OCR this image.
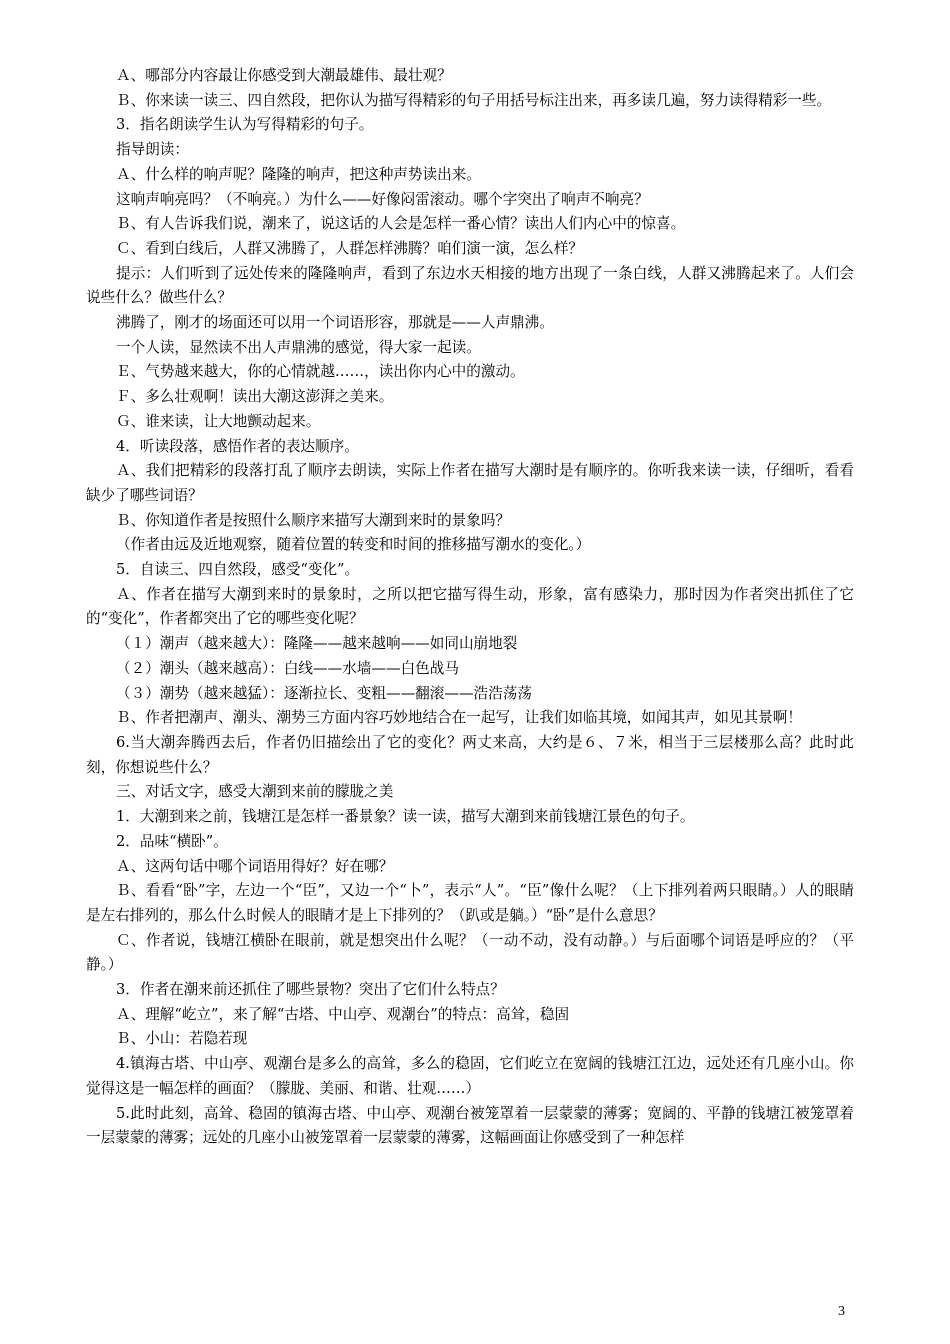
Ａ、哪部分内容最让你感受到大潮最雄伟、最壮观？

Ｂ、你来读一读三、四自然段，把你认为描写得精彩的句子用括号标注出来，再多读几遍，努力读得精彩一些。

3．指名朗读学生认为写得精彩的句子。

指导朗读：

Ａ、什么样的响声呢？隆隆的响声，把这种声势读出来。

这响声响亮吗？（不响亮。）为什么——好像闷雷滚动。哪个字突出了响声不响亮？

Ｂ、有人告诉我们说，潮来了，说这话的人会是怎样一番心情？读出人们内心中的惊喜。

Ｃ、看到白线后，人群又沸腾了，人群怎样沸腾？咱们演一演，怎么样？

提示：人们听到了远处传来的隆隆响声，看到了东边水天相接的地方出现了一条白线，人群又沸腾起来了。人们会说些什么？做些什么？

沸腾了，刚才的场面还可以用一个词语形容，那就是——人声鼎沸。

一个人读，显然读不出人声鼎沸的感觉，得大家一起读。

Ｅ、气势越来越大，你的心情就越……，读出你内心中的激动。

Ｆ、多么壮观啊！读出大潮这澎湃之美来。

Ｇ、谁来读，让大地颤动起来。

4．听读段落，感悟作者的表达顺序。

Ａ、我们把精彩的段落打乱了顺序去朗读，实际上作者在描写大潮时是有顺序的。你听我来读一读，仔细听，看看缺少了哪些词语？

Ｂ、你知道作者是按照什么顺序来描写大潮到来时的景象吗？

（作者由远及近地观察，随着位置的转变和时间的推移描写潮水的变化。）

5．自读三、四自然段，感受“变化”。

Ａ、作者在描写大潮到来时的景象时，之所以把它描写得生动，形象，富有感染力，那时因为作者突出抓住了它的“变化”，作者都突出了它的哪些变化呢？

（１）潮声（越来越大）：隆隆——越来越响——如同山崩地裂

（２）潮头（越来越高）：白线——水墙——白色战马

（３）潮势（越来越猛）：逐渐拉长、变粗——翻滚——浩浩荡荡

Ｂ、作者把潮声、潮头、潮势三方面内容巧妙地结合在一起写，让我们如临其境，如闻其声，如见其景啊！

6.当大潮奔腾西去后，作者仍旧描绘出了它的变化？两丈来高，大约是６、７米，相当于三层楼那么高？此时此刻，你想说些什么？

三、对话文字，感受大潮到来前的朦胧之美

1．大潮到来之前，钱塘江是怎样一番景象？读一读，描写大潮到来前钱塘江景色的句子。

2．品味“横卧”。

Ａ、这两句话中哪个词语用得好？好在哪？

Ｂ、看看“卧”字，左边一个“臣”，又边一个“卜”，表示“人”。“臣”像什么呢？（上下排列着两只眼睛。）人的眼睛是左右排列的，那么什么时候人的眼睛才是上下排列的？（趴或是躺。）“卧”是什么意思？

Ｃ、作者说，钱塘江横卧在眼前，就是想突出什么呢？（一动不动，没有动静。）与后面哪个词语是呼应的？（平静。）

3．作者在潮来前还抓住了哪些景物？突出了它们什么特点？

Ａ、理解“屹立”，来了解“古塔、中山亭、观潮台”的特点：高耸，稳固

Ｂ、小山：若隐若现

4.镇海古塔、中山亭、观潮台是多么的高耸，多么的稳固，它们屹立在宽阔的钱塘江江边，远处还有几座小山。你觉得这是一幅怎样的画面？（朦胧、美丽、和谐、壮观……）

5.此时此刻，高耸、稳固的镇海古塔、中山亭、观潮台被笼罩着一层蒙蒙的薄雾；宽阔的、平静的钱塘江被笼罩着一层蒙蒙的薄雾；远处的几座小山被笼罩着一层蒙蒙的薄雾，这幅画面让你感受到了一种怎样

3
